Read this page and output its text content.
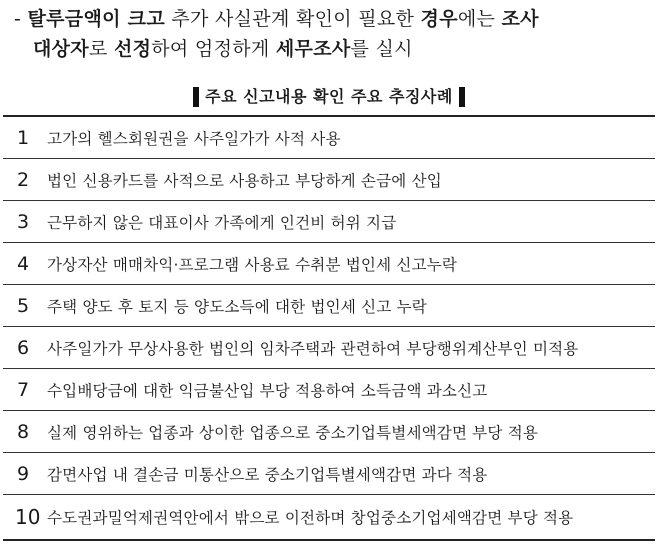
- 탈루금액이 크고 추가 사실관계 확인이 필요한 경우에는 조사
대상자로 선정하여 엄정하게 세무조사를 실시
주요 신고내용 확인 주요 추징사례
1	고가의 헬스회원권을 사주일가가 사적 사용
2	법인 신용카드를 사적으로 사용하고 부당하게 손금에 산입
3	근무하지 않은 대표이사 가족에게 인건비 허위 지급
4	가상자산 매매차익·프로그램 사용료 수취분 법인세 신고누락
5	주택 양도 후 토지 등 양도소득에 대한 법인세 신고 누락
6	사주일가가 무상사용한 법인의 임차주택과 관련하여 부당행위계산부인 미적용
7	수입배당금에 대한 익금불산입 부당 적용하여 소득금액 과소신고
8	실제 영위하는 업종과 상이한 업종으로 중소기업특별세액감면 부당 적용
9	감면사업 내 결손금 미통산으로 중소기업특별세액감면 과다 적용
10 수도권과밀억제권역안에서 밖으로 이전하며 창업중소기업세액감면 부당 적용
